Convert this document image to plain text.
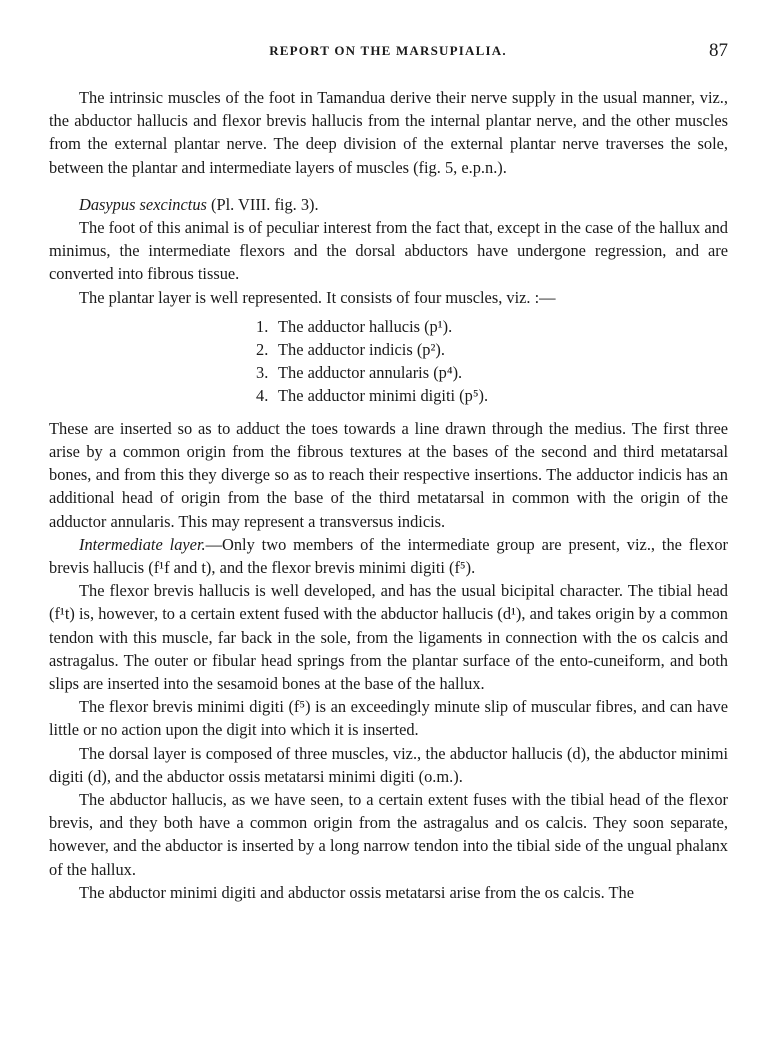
REPORT ON THE MARSUPIALIA.	87

The intrinsic muscles of the foot in Tamandua derive their nerve supply in the usual manner, viz., the abductor hallucis and flexor brevis hallucis from the internal plantar nerve, and the other muscles from the external plantar nerve. The deep division of the external plantar nerve traverses the sole, between the plantar and intermediate layers of muscles (fig. 5, e.p.n.).

Dasypus sexcinctus (Pl. VIII. fig. 3).

The foot of this animal is of peculiar interest from the fact that, except in the case of the hallux and minimus, the intermediate flexors and the dorsal abductors have undergone regression, and are converted into fibrous tissue.

The plantar layer is well represented. It consists of four muscles, viz. :—

1. The adductor hallucis (p¹).
2. The adductor indicis (p²).
3. The adductor annularis (p⁴).
4. The adductor minimi digiti (p⁵).

These are inserted so as to adduct the toes towards a line drawn through the medius. The first three arise by a common origin from the fibrous textures at the bases of the second and third metatarsal bones, and from this they diverge so as to reach their respective insertions. The adductor indicis has an additional head of origin from the base of the third metatarsal in common with the origin of the adductor annularis. This may represent a transversus indicis.

Intermediate layer.—Only two members of the intermediate group are present, viz., the flexor brevis hallucis (f¹f and t), and the flexor brevis minimi digiti (f⁵).

The flexor brevis hallucis is well developed, and has the usual bicipital character. The tibial head (f¹t) is, however, to a certain extent fused with the abductor hallucis (d¹), and takes origin by a common tendon with this muscle, far back in the sole, from the ligaments in connection with the os calcis and astragalus. The outer or fibular head springs from the plantar surface of the ento-cuneiform, and both slips are inserted into the sesamoid bones at the base of the hallux.

The flexor brevis minimi digiti (f⁵) is an exceedingly minute slip of muscular fibres, and can have little or no action upon the digit into which it is inserted.

The dorsal layer is composed of three muscles, viz., the abductor hallucis (d), the abductor minimi digiti (d), and the abductor ossis metatarsi minimi digiti (o.m.).

The abductor hallucis, as we have seen, to a certain extent fuses with the tibial head of the flexor brevis, and they both have a common origin from the astragalus and os calcis. They soon separate, however, and the abductor is inserted by a long narrow tendon into the tibial side of the ungual phalanx of the hallux.

The abductor minimi digiti and abductor ossis metatarsi arise from the os calcis. The
